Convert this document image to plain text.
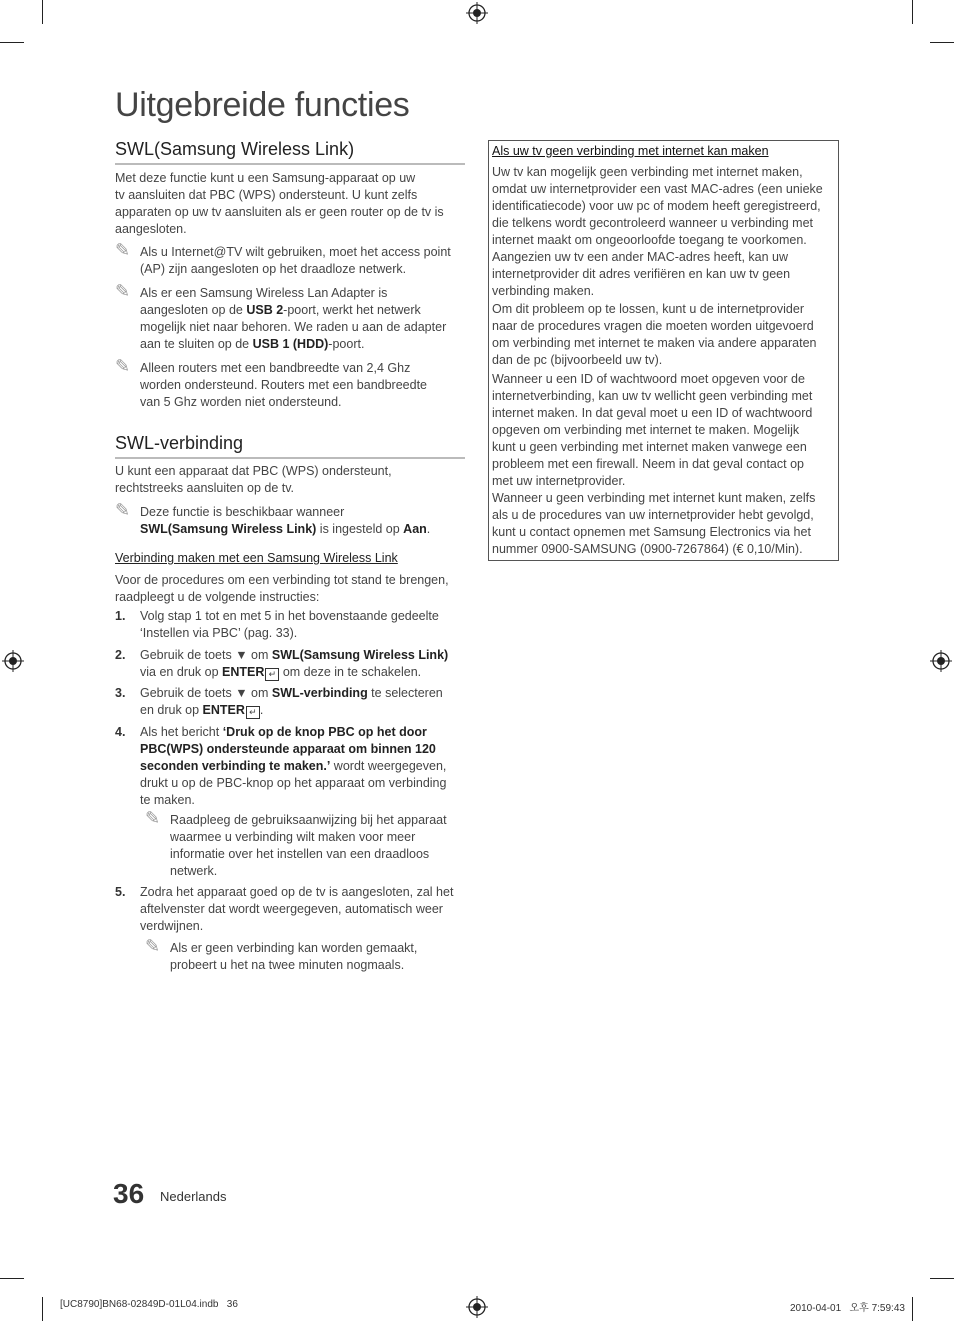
Uitgebreide functies
SWL(Samsung Wireless Link)
Met deze functie kunt u een Samsung-apparaat op uw
tv aansluiten dat PBC (WPS) ondersteunt. U kunt zelfs
apparaten op uw tv aansluiten als er geen router op de tv is
aangesloten.
✎ Als u Internet@TV wilt gebruiken, moet het access point
(AP) zijn aangesloten op het draadloze netwerk.
✎ Als er een Samsung Wireless Lan Adapter is
aangesloten op de USB 2-poort, werkt het netwerk
mogelijk niet naar behoren. We raden u aan de adapter
aan te sluiten op de USB 1 (HDD)-poort.
✎ Alleen routers met een bandbreedte van 2,4 Ghz
worden ondersteund. Routers met een bandbreedte
van 5 Ghz worden niet ondersteund.
SWL-verbinding
U kunt een apparaat dat PBC (WPS) ondersteunt,
rechtstreeks aansluiten op de tv.
✎ Deze functie is beschikbaar wanneer
SWL(Samsung Wireless Link) is ingesteld op Aan.
Verbinding maken met een Samsung Wireless Link
Voor de procedures om een verbinding tot stand te brengen,
raadpleegt u de volgende instructies:
1. Volg stap 1 tot en met 5 in het bovenstaande gedeelte
‘Instellen via PBC’ (pag. 33).
2. Gebruik de toets ▼ om SWL(Samsung Wireless Link)
via en druk op ENTER ↵ om deze in te schakelen.
3. Gebruik de toets ▼ om SWL-verbinding te selecteren
en druk op ENTER ↵ .
4. Als het bericht ‘Druk op de knop PBC op het door
PBC(WPS) ondersteunde apparaat om binnen 120
seconden verbinding te maken.’ wordt weergegeven,
drukt u op de PBC-knop op het apparaat om verbinding
te maken.
✎ Raadpleeg de gebruiksaanwijzing bij het apparaat
waarmee u verbinding wilt maken voor meer
informatie over het instellen van een draadloos
netwerk.
5. Zodra het apparaat goed op de tv is aangesloten, zal het
aftelvenster dat wordt weergegeven, automatisch weer
verdwijnen.
✎ Als er geen verbinding kan worden gemaakt,
probeert u het na twee minuten nogmaals.
Als uw tv geen verbinding met internet kan maken
Uw tv kan mogelijk geen verbinding met internet maken,
omdat uw internetprovider een vast MAC-adres (een unieke
identificatiecode) voor uw pc of modem heeft geregistreerd,
die telkens wordt gecontroleerd wanneer u verbinding met
internet maakt om ongeoorloofde toegang te voorkomen.
Aangezien uw tv een ander MAC-adres heeft, kan uw
internetprovider dit adres verifiëren en kan uw tv geen
verbinding maken.
Om dit probleem op te lossen, kunt u de internetprovider
naar de procedures vragen die moeten worden uitgevoerd
om verbinding met internet te maken via andere apparaten
dan de pc (bijvoorbeeld uw tv).
Wanneer u een ID of wachtwoord moet opgeven voor de
internetverbinding, kan uw tv wellicht geen verbinding met
internet maken. In dat geval moet u een ID of wachtwoord
opgeven om verbinding met internet te maken. Mogelijk
kunt u geen verbinding met internet maken vanwege een
probleem met een firewall. Neem in dat geval contact op
met uw internetprovider.
Wanneer u geen verbinding met internet kunt maken, zelfs
als u de procedures van uw internetprovider hebt gevolgd,
kunt u contact opnemen met Samsung Electronics via het
nummer 0900-SAMSUNG (0900-7267864) (€ 0,10/Min).
36 Nederlands
[UC8790]BN68-02849D-01L04.indb   36	2010-04-01   오후 7:59:43
